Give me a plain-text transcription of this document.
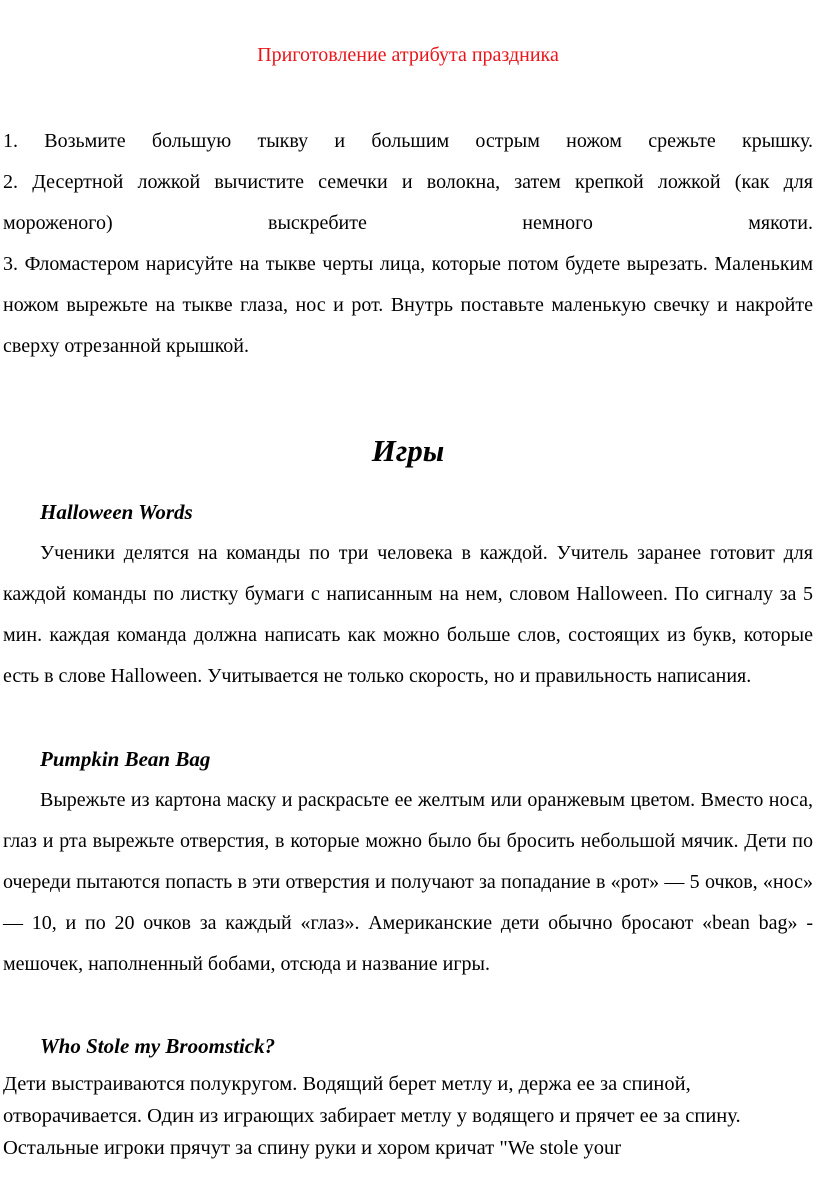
Приготовление атрибута праздника

1. Возьмите большую тыкву и большим острым ножом срежьте крышку.

2. Десертной ложкой вычистите семечки и волокна, затем крепкой ложкой (как для мороженого) выскребите немного мякоти.

3. Фломастером нарисуйте на тыкве черты лица, которые потом будете вырезать. Маленьким ножом вырежьте на тыкве глаза, нос и рот. Внутрь поставьте маленькую свечку и накройте сверху отрезанной крышкой.

Игры
Halloween Words

Ученики делятся на команды по три человека в каждой. Учитель заранее готовит для каждой команды по листку бумаги с написанным на нем, словом Halloween. По сигналу за 5 мин. каждая команда должна написать как можно больше слов, состоящих из букв, которые есть в слове Halloween. Учитывается не только скорость, но и правильность написания.

Pumpkin Bean Bag

Вырежьте из картона маску и раскрасьте ее желтым или оранжевым цветом. Вместо носа, глаз и рта вырежьте отверстия, в которые можно было бы бросить небольшой мячик. Дети по очереди пытаются попасть в эти отверстия и получают за попадание в «рот» — 5 очков, «нос» — 10, и по 20 очков за каждый «глаз». Американские дети обычно бросают «bean bag» - мешочек, наполненный бобами, отсюда и название игры.

Who Stole my Broomstick?

Дети выстраиваются полукругом. Водящий берет метлу и, держа ее за спиной, отворачивается. Один из играющих забирает метлу у водящего и прячет ее за спину. Остальные игроки прячут за спину руки и хором кричат "We stole your
